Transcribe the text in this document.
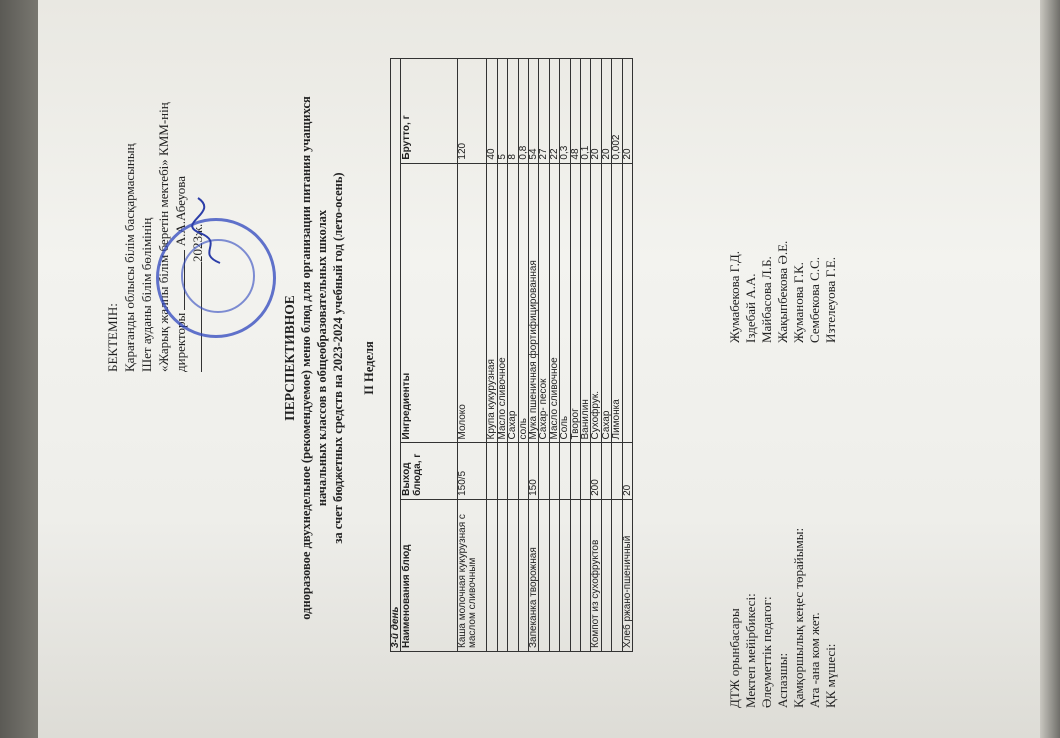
БЕКТЕМІН: Қарағанды облысы білім басқармасының Шет ауданы білім бөлімінің «Жарық жалпы білім беретін мектебі» КММ-нің директоры  А.А.Абеуова 2023ж.
ПЕРСПЕКТИВНОЕ одноразовое двухнедельное (рекомендуемое) меню блюд для организации питания учащихся начальных классов в общеобразовательных школах за счет бюджетных средств на 2023-2024 учебный год (лето-осень) II Неделя
3-й день			
Наименования блюд	Выход блюда, г	Ингредиенты	Брутто, г
Каша молочная кукурузная с маслом сливочным	150/5	Молоко	120
		Крупа кукурузная	40
		Масло сливочное	5
		Сахар	8
		соль	0,8
Запеканка творожная	150	Мука пшеничная фортифицированная	54
		Сахар- песок	27
		Масло сливочное	22
		Соль	0,3
		Творог	48
		Ванилин	0,1
Компот из сухофруктов	200	Сухофрук.	20
		Сахар	20
		Лимонка	0,002
Хлеб ржано-пшеничный	20		20
ДТЖ орынбасары
Жумабекова Г.Д.
Мектеп мейірбикесі:
Іздебай А.А.
Әлеуметтік педагог:
Майбасова Л.Б.
Аспазшы:
Жақыпбекова Ә.Е.
Қамқоршылық кеңес төрайымы:
Жуманова Г.К.
Ата -ана ком жет.
Сембекова С.С.
ҚК мүшесі:
Изтелеуова Г.Е.
